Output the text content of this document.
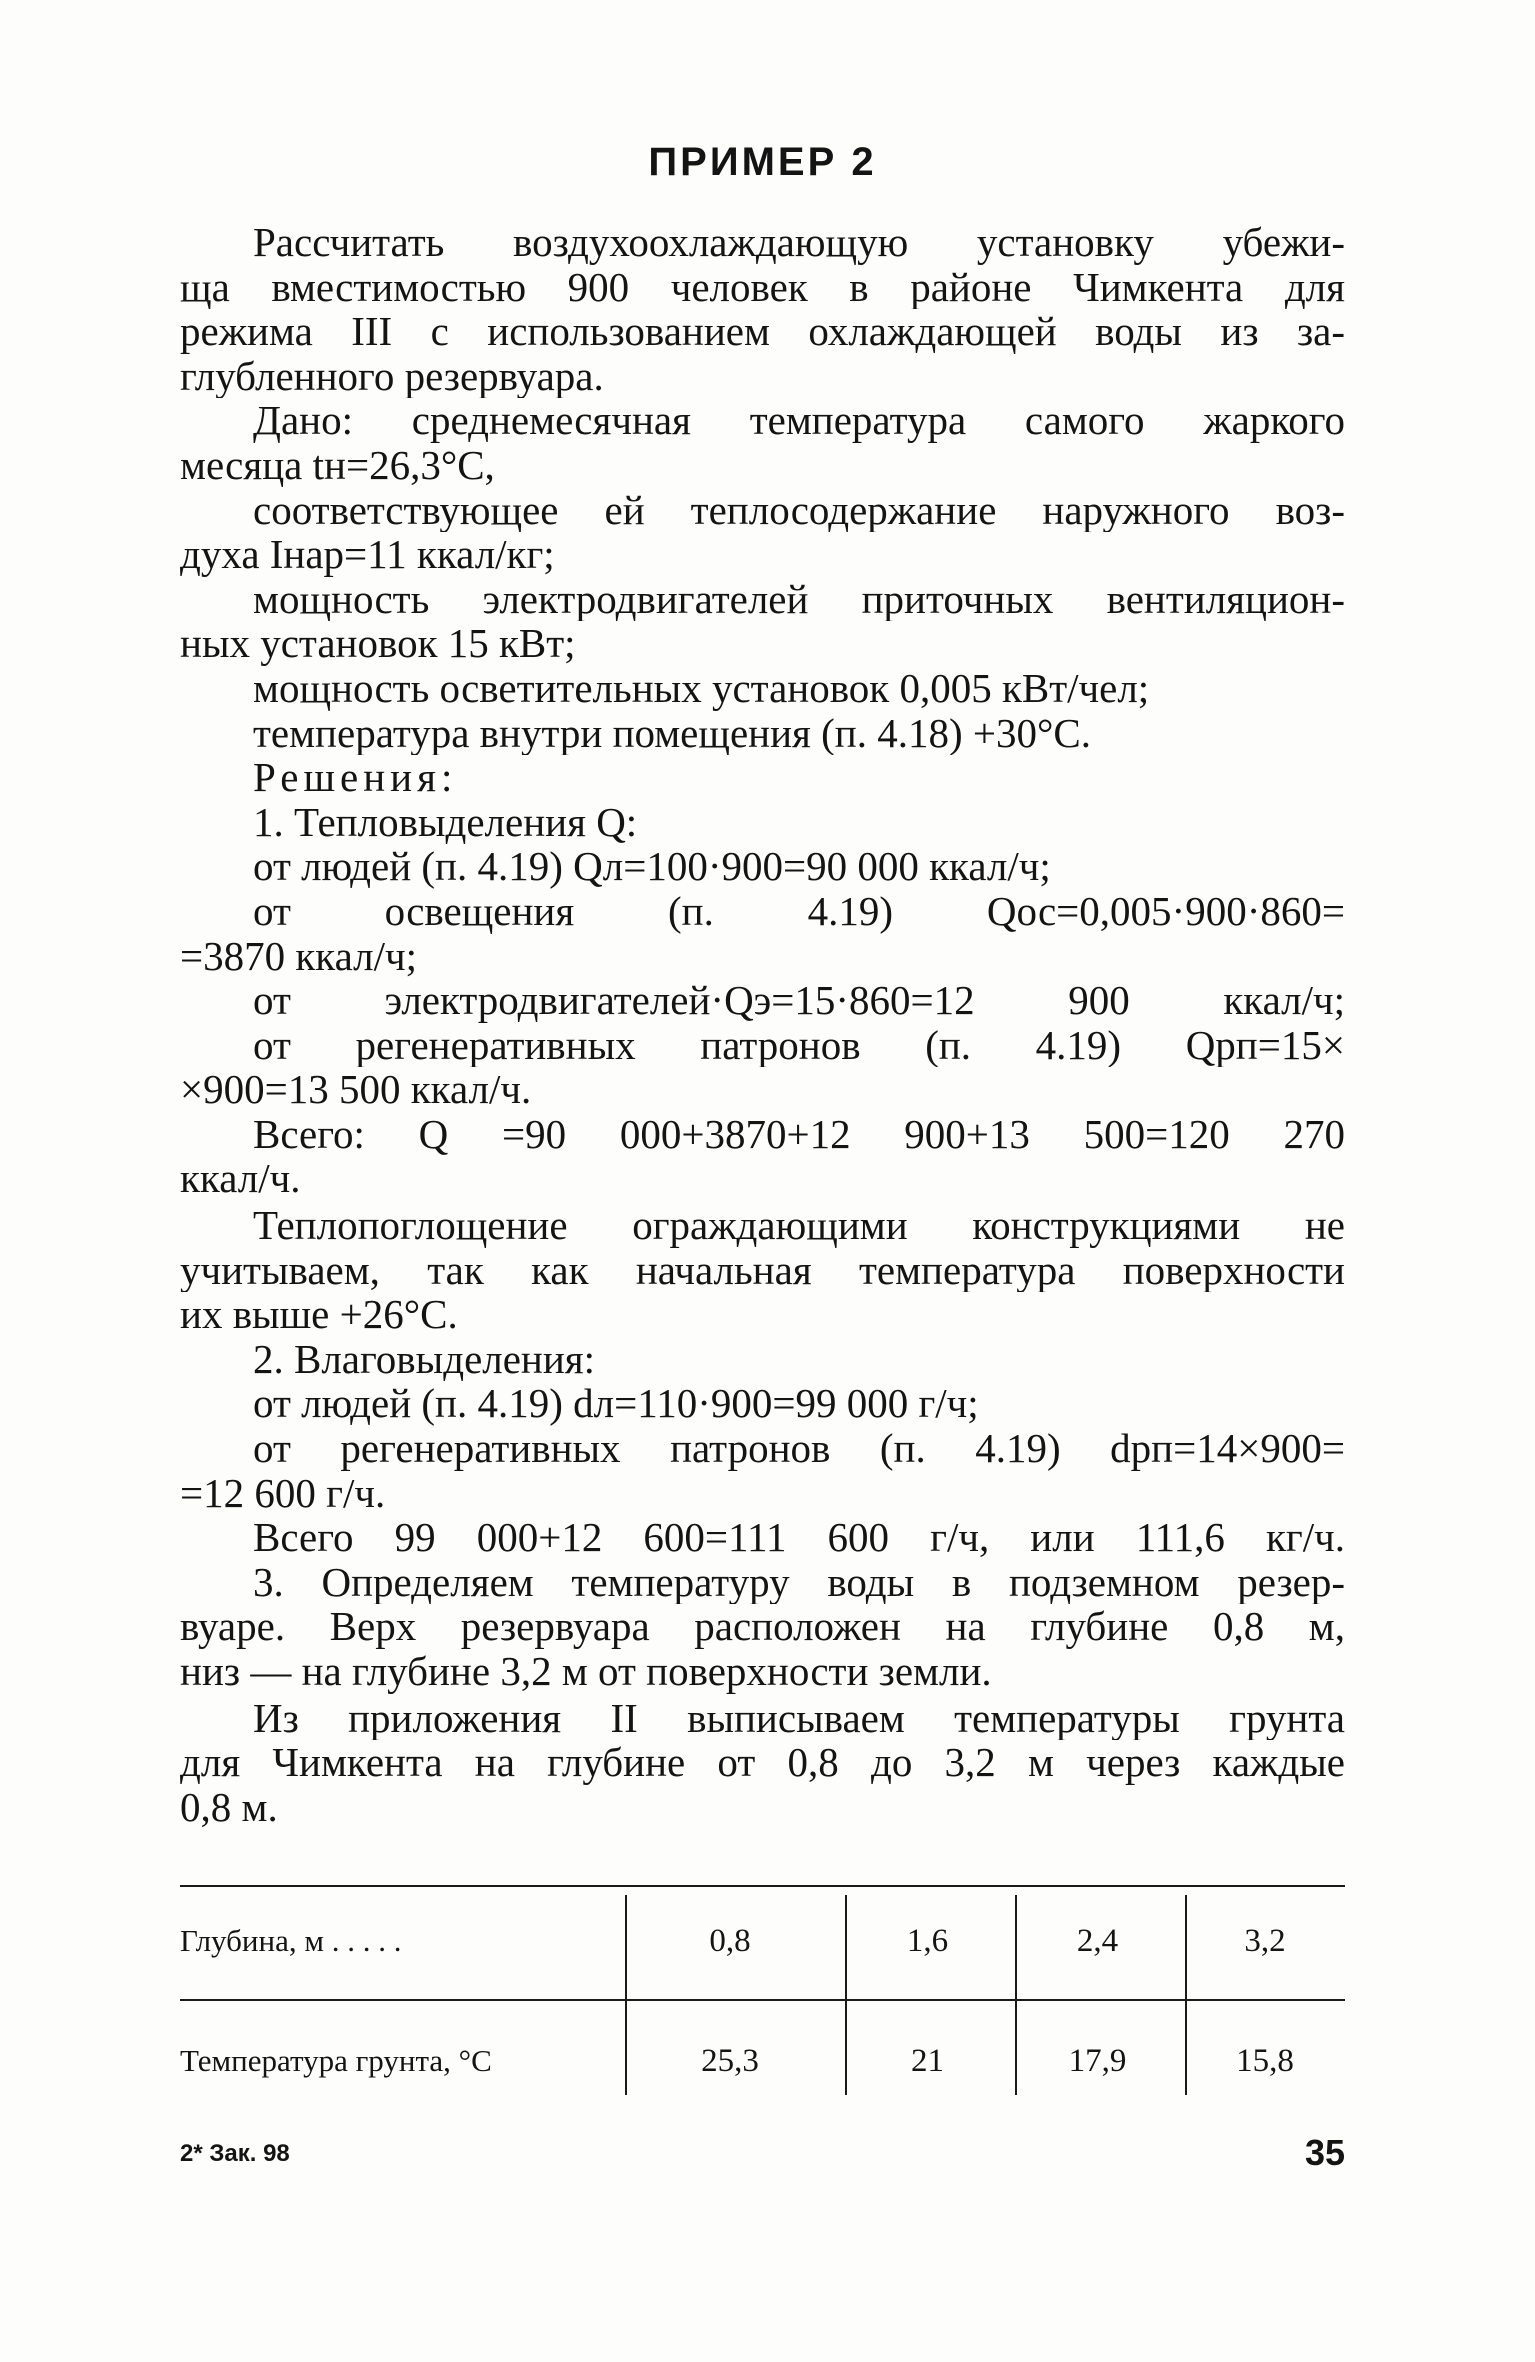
ПРИМЕР 2
Рассчитать воздухоохлаждающую установку убежи-
ща вместимостью 900 человек в районе Чимкента для
режима III с использованием охлаждающей воды из за-
глубленного резервуара.
Дано: среднемесячная температура самого жаркого
месяца tн=26,3°С,
соответствующее ей теплосодержание наружного воз-
духа Iнар=11 ккал/кг;
мощность электродвигателей приточных вентиляцион-
ных установок 15 кВт;
мощность осветительных установок 0,005 кВт/чел;
температура внутри помещения (п. 4.18) +30°С.
Решения:
1. Тепловыделения Q:
от людей (п. 4.19) Qл=100·900=90 000 ккал/ч;
от освещения (п. 4.19) Qос=0,005·900·860=
=3870 ккал/ч;
от электродвигателей·Qэ=15·860=12 900 ккал/ч;
от регенеративных патронов (п. 4.19) Qрп=15×
×900=13 500 ккал/ч.
Всего: Q =90 000+3870+12 900+13 500=120 270
ккал/ч.
Теплопоглощение ограждающими конструкциями не
учитываем, так как начальная температура поверхности
их выше +26°С.
2. Влаговыделения:
от людей (п. 4.19) dл=110·900=99 000 г/ч;
от регенеративных патронов (п. 4.19) dрп=14×900=
=12 600 г/ч.
Всего 99 000+12 600=111 600 г/ч, или 111,6 кг/ч.
3. Определяем температуру воды в подземном резер-
вуаре. Верх резервуара расположен на глубине 0,8 м,
низ — на глубине 3,2 м от поверхности земли.
Из приложения II выписываем температуры грунта
для Чимкента на глубине от 0,8 до 3,2 м через каждые
0,8 м.
Глубина, м . . . . .	0,8	1,6	2,4	3,2
Температура грунта, °С	25,3	21	17,9	15,8
2* Зак. 98	35
